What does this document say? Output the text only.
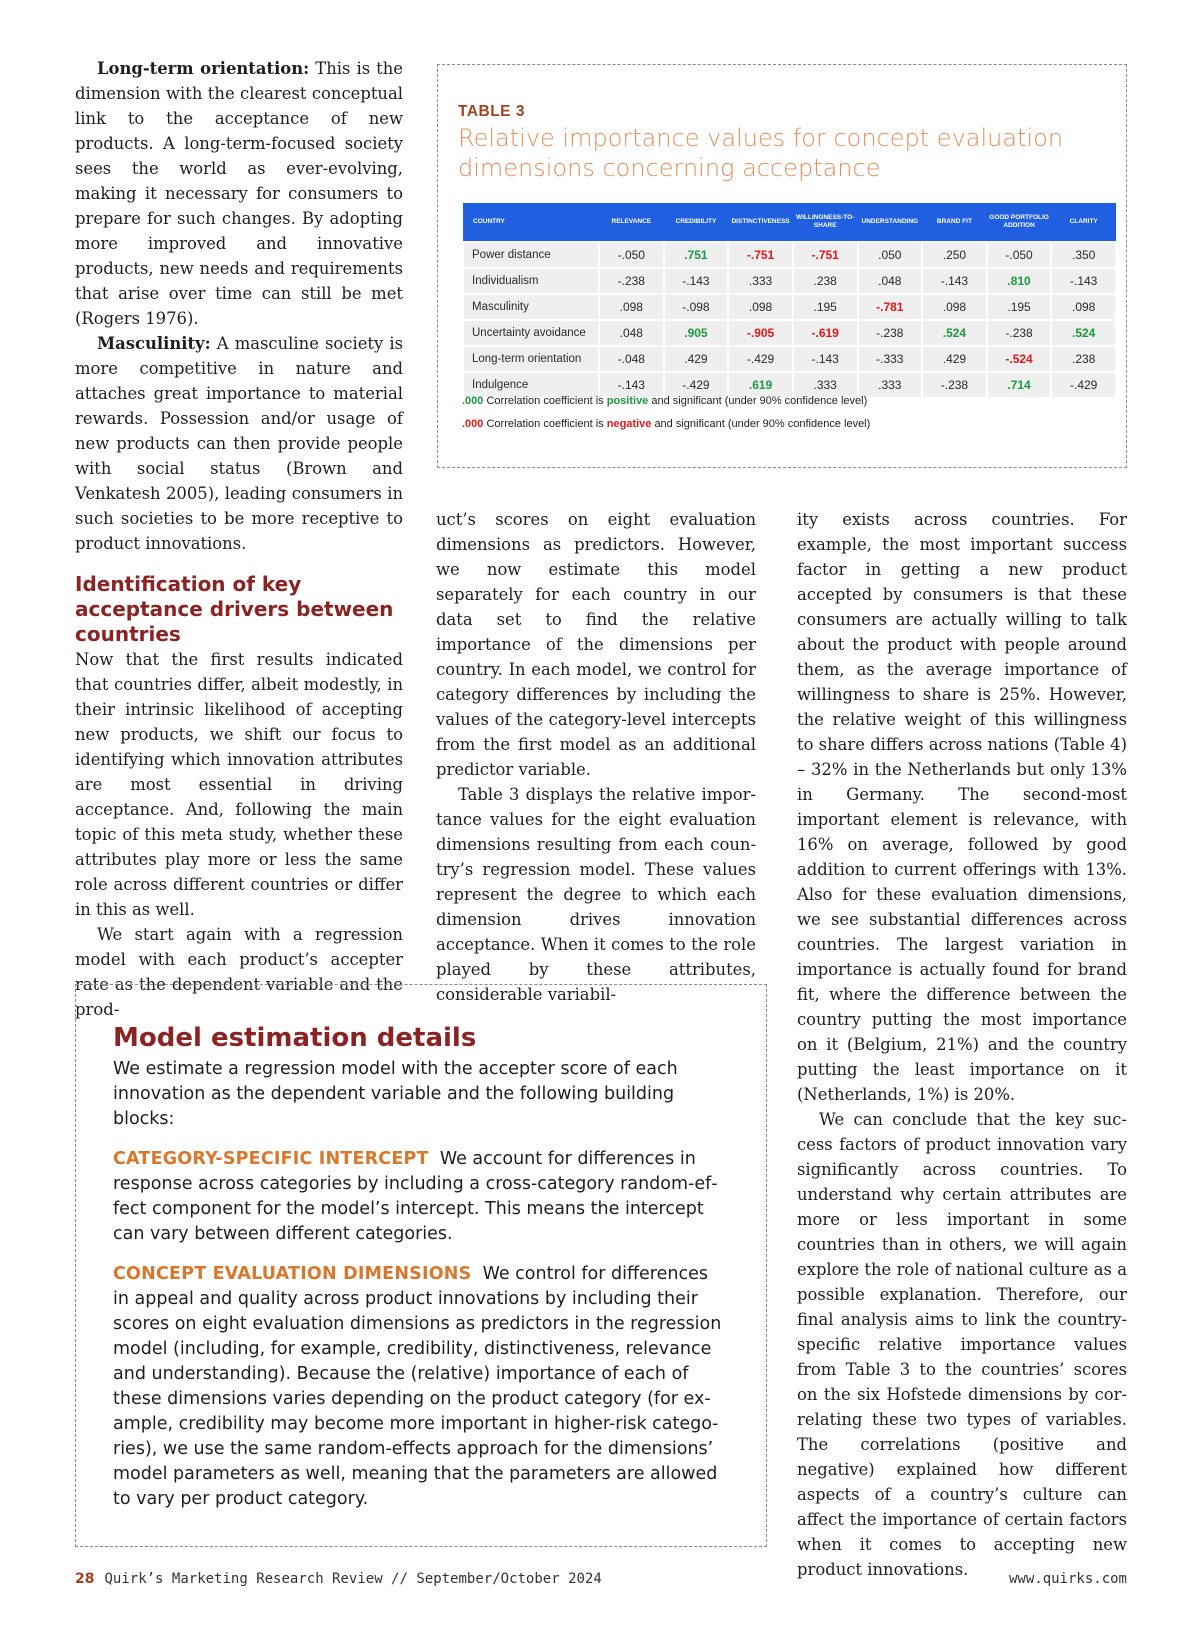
Long-term orientation: This is the dimension with the clearest conceptual link to the acceptance of new products. A long-term-focused society sees the world as ever-evolving, making it necessary for consumers to prepare for such changes. By adopting more improved and innovative products, new needs and requirements that arise over time can still be met (Rogers 1976).

Masculinity: A masculine society is more competitive in nature and attaches great importance to material rewards. Possession and/or usage of new products can then provide people with social status (Brown and Venkatesh 2005), leading consumers in such societies to be more receptive to product innovations.

Identification of key acceptance drivers between countries

Now that the first results indicated that countries differ, albeit modestly, in their intrinsic likelihood of accepting new products, we shift our focus to identifying which innovation attributes are most essential in driving acceptance. And, following the main topic of this meta study, whether these attributes play more or less the same role across different countries or differ in this as well.

We start again with a regression model with each product’s accepter rate as the dependent variable and the prod-

uct’s scores on eight evaluation dimensions as predictors. However, we now estimate this model separately for each country in our data set to find the relative importance of the dimensions per country. In each model, we control for category differences by including the values of the category-level intercepts from the first model as an additional predictor variable.

Table 3 displays the relative importance values for the eight evaluation dimensions resulting from each country’s regression model. These values represent the degree to which each dimension drives innovation acceptance. When it comes to the role played by these attributes, considerable variabil-

ity exists across countries. For example, the most important success factor in getting a new product accepted by consumers is that these consumers are actually willing to talk about the product with people around them, as the average importance of willingness to share is 25%. However, the relative weight of this willingness to share differs across nations (Table 4) – 32% in the Netherlands but only 13% in Germany. The second-most important element is relevance, with 16% on average, followed by good addition to current offerings with 13%. Also for these evaluation dimensions, we see substantial differences across countries. The largest variation in importance is actually found for brand fit, where the difference between the country putting the most importance on it (Belgium, 21%) and the country putting the least importance on it (Netherlands, 1%) is 20%.

We can conclude that the key success factors of product innovation vary significantly across countries. To understand why certain attributes are more or less important in some countries than in others, we will again explore the role of national culture as a possible explanation. Therefore, our final analysis aims to link the country-specific relative importance values from Table 3 to the countries’ scores on the six Hofstede dimensions by correlating these two types of variables. The correlations (positive and negative) explained how different aspects of a country’s culture can affect the importance of certain factors when it comes to accepting new product innovations.

TABLE 3
Relative importance values for concept evaluation dimensions concerning acceptance
COUNTRY	RELEVANCE	CREDIBILITY	DISTINCTIVENESS	WILLINGNESS-TO-SHARE	UNDERSTANDING	BRAND FIT	GOOD PORTFOLIO ADDITION	CLARITY
Power distance	-.050	.751	-.751	-.751	.050	.250	-.050	.350
Individualism	-.238	-.143	.333	.238	.048	-.143	.810	-.143
Masculinity	.098	-.098	.098	.195	-.781	.098	.195	.098
Uncertainty avoidance	.048	.905	-.905	-.619	-.238	.524	-.238	.524
Long-term orientation	-.048	.429	-.429	-.143	-.333	.429	-.524	.238
Indulgence	-.143	-.429	.619	.333	.333	-.238	.714	-.429
.000 Correlation coefficient is positive and significant (under 90% confidence level)
.000 Correlation coefficient is negative and significant (under 90% confidence level)
Model estimation details

We estimate a regression model with the accepter score of each innovation as the dependent variable and the following building blocks:

CATEGORY-SPECIFIC INTERCEPT We account for differences in response across categories by including a cross-category random-effect component for the model’s intercept. This means the intercept can vary between different categories.

CONCEPT EVALUATION DIMENSIONS We control for differences in appeal and quality across product innovations by including their scores on eight evaluation dimensions as predictors in the regression model (including, for example, credibility, distinctiveness, relevance and understanding). Because the (relative) importance of each of these dimensions varies depending on the product category (for example, credibility may become more important in higher-risk categories), we use the same random-effects approach for the dimensions’ model parameters as well, meaning that the parameters are allowed to vary per product category.

28 Quirk’s Marketing Research Review // September/October 2024	www.quirks.com
